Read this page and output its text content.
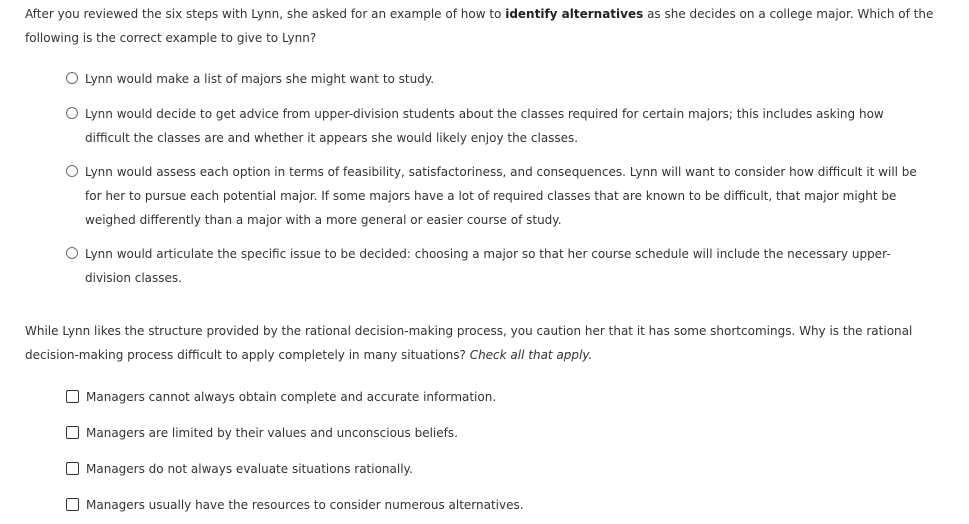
After you reviewed the six steps with Lynn, she asked for an example of how to identify alternatives as she decides on a college major. Which of the following is the correct example to give to Lynn?
Lynn would make a list of majors she might want to study.
Lynn would decide to get advice from upper-division students about the classes required for certain majors; this includes asking how difficult the classes are and whether it appears she would likely enjoy the classes.
Lynn would assess each option in terms of feasibility, satisfactoriness, and consequences. Lynn will want to consider how difficult it will be for her to pursue each potential major. If some majors have a lot of required classes that are known to be difficult, that major might be weighed differently than a major with a more general or easier course of study.
Lynn would articulate the specific issue to be decided: choosing a major so that her course schedule will include the necessary upper-division classes.
While Lynn likes the structure provided by the rational decision-making process, you caution her that it has some shortcomings. Why is the rational decision-making process difficult to apply completely in many situations? Check all that apply.
Managers cannot always obtain complete and accurate information.
Managers are limited by their values and unconscious beliefs.
Managers do not always evaluate situations rationally.
Managers usually have the resources to consider numerous alternatives.
